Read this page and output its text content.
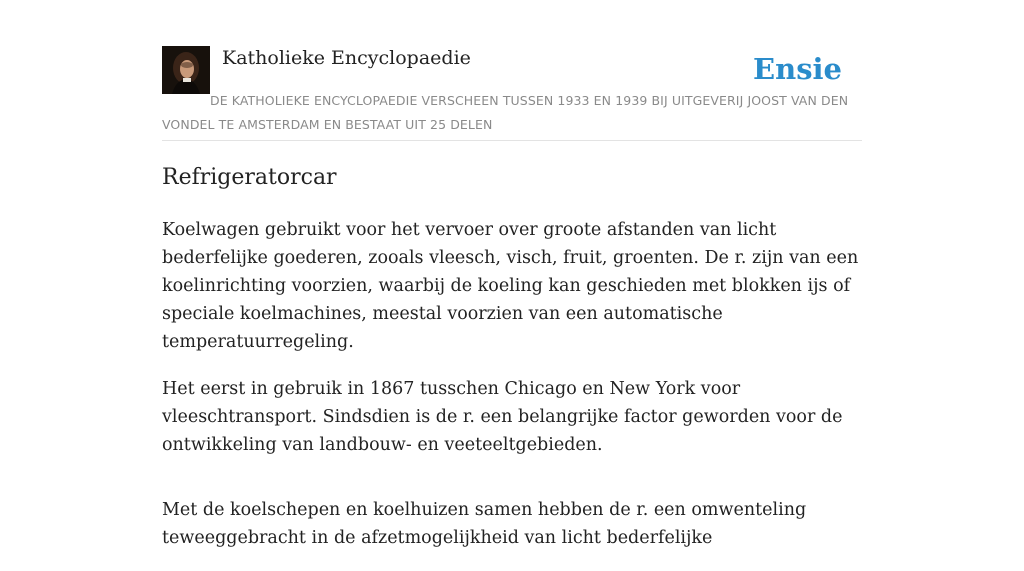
Katholieke Encyclopaedie	Ensie
DE KATHOLIEKE ENCYCLOPAEDIE VERSCHEEN TUSSEN 1933 EN 1939 BIJ UITGEVERIJ JOOST VAN DEN VONDEL TE AMSTERDAM EN BESTAAT UIT 25 DELEN
Refrigeratorcar

Koelwagen gebruikt voor het vervoer over groote afstanden van licht bederfelijke goederen, zooals vleesch, visch, fruit, groenten. De r. zijn van een koelinrichting voorzien, waarbij de koeling kan geschieden met blokken ijs of speciale koelmachines, meestal voorzien van een automatische temperatuurregeling.

Het eerst in gebruik in 1867 tusschen Chicago en New York voor vleeschtransport. Sindsdien is de r. een belangrijke factor geworden voor de ontwikkeling van landbouw- en veeteeltgebieden.

Met de koelschepen en koelhuizen samen hebben de r. een omwenteling teweeggebracht in de afzetmogelijkheid van licht bederfelijke
